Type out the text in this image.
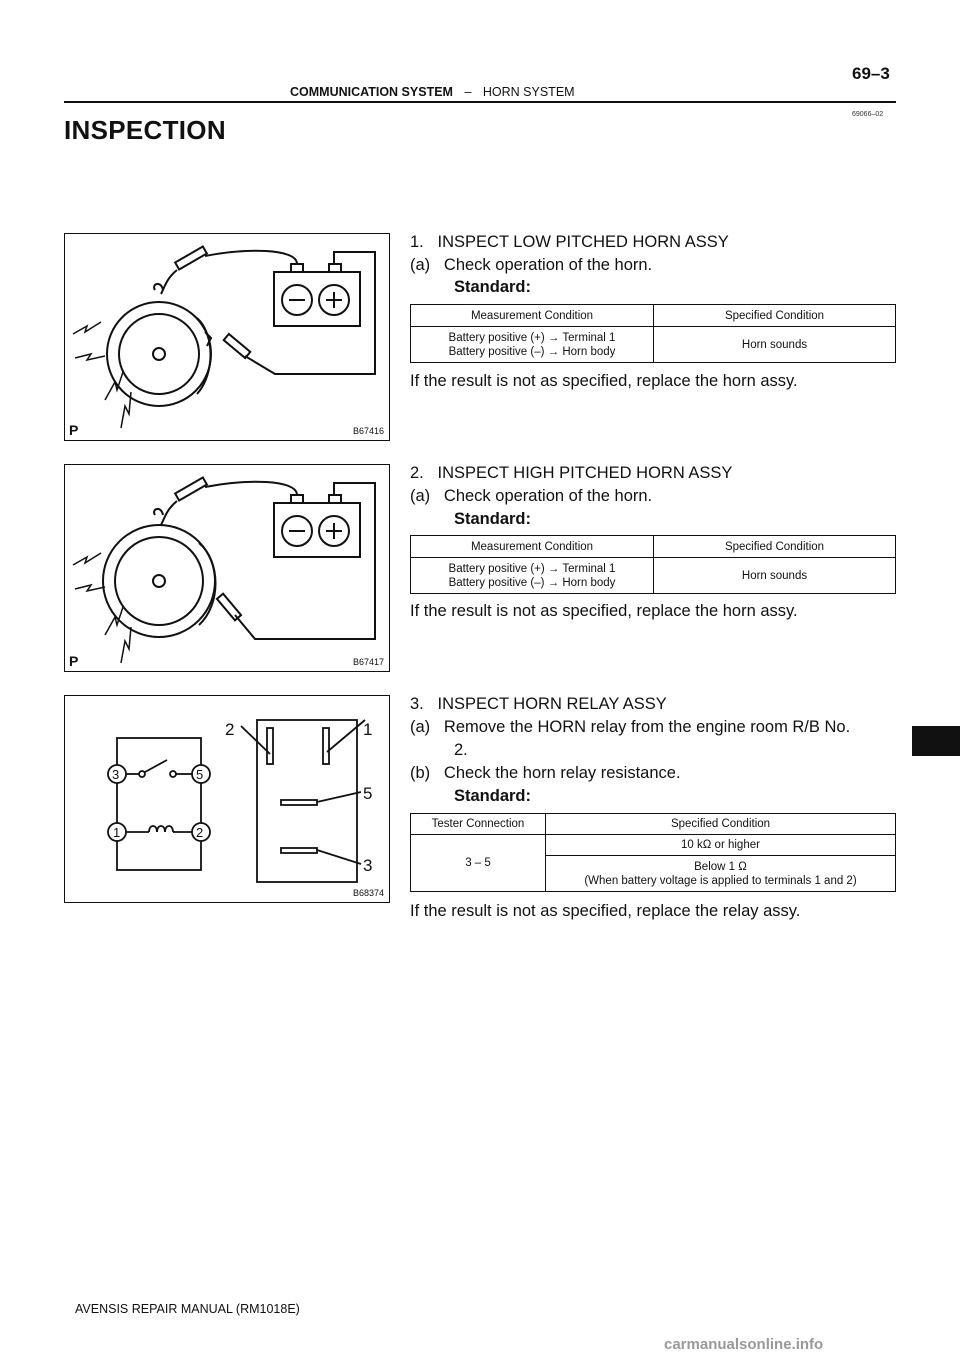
69–3
COMMUNICATION SYSTEM – HORN SYSTEM
69066–02
INSPECTION
P	B67416
P	B67417
2	1
5
3
3	5
1	2
B68374
1.   INSPECT LOW PITCHED HORN ASSY
(a)   Check operation of the horn.
Standard:
Measurement Condition	Specified Condition

Battery positive (+) → Terminal 1
Battery positive (–) → Horn body	Horn sounds
If the result is not as specified, replace the horn assy.
2.   INSPECT HIGH PITCHED HORN ASSY
(a)   Check operation of the horn.
Standard:
Measurement Condition	Specified Condition

Battery positive (+) → Terminal 1
Battery positive (–) → Horn body	Horn sounds
If the result is not as specified, replace the horn assy.
3.   INSPECT HORN RELAY ASSY
(a)   Remove the HORN relay from the engine room R/B No.
2.
(b)   Check the horn relay resistance.
Standard:
Tester Connection	Specified Condition
3 – 5	10 kΩ or higher

	Below 1 Ω
(When battery voltage is applied to terminals 1 and 2)
If the result is not as specified, replace the relay assy.
AVENSIS REPAIR MANUAL (RM1018E)
carmanualsonline.info
